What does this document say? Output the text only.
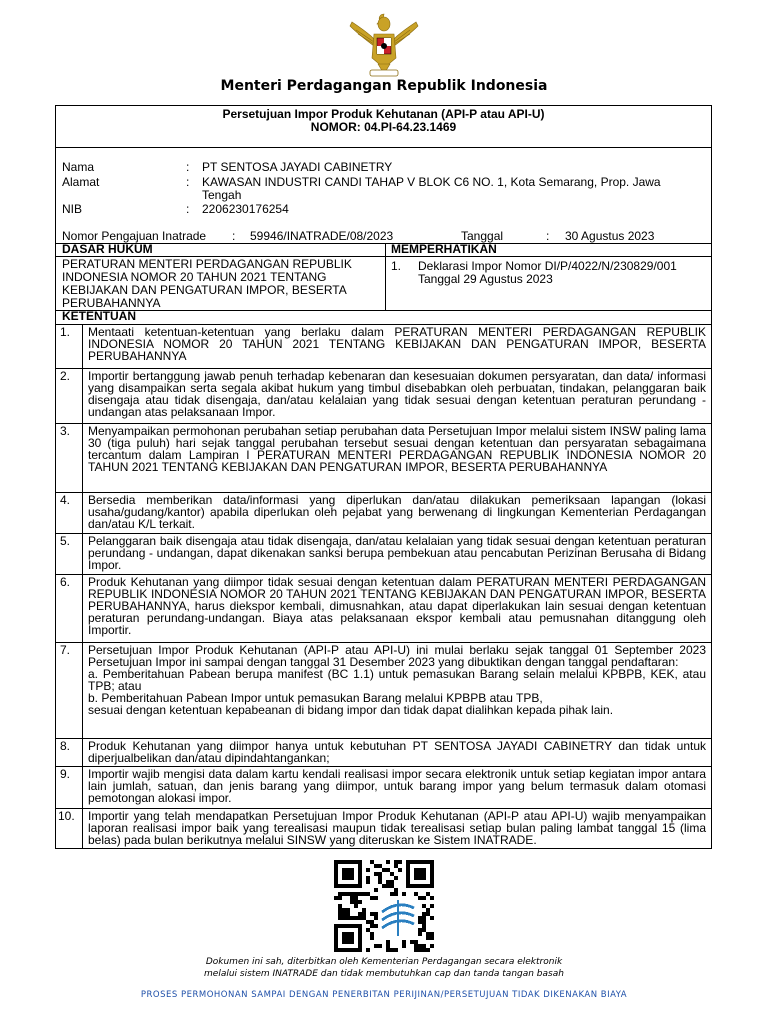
Menteri Perdagangan Republik Indonesia
Persetujuan Impor Produk Kehutanan (API-P atau API-U)
NOMOR: 04.PI-64.23.1469
Nama	: PT SENTOSA JAYADI CABINETRY
Alamat	: KAWASAN INDUSTRI CANDI TAHAP V BLOK C6 NO. 1, Kota Semarang, Prop. Jawa Tengah
NIB	: 2206230176254
Nomor Pengajuan Inatrade : 59946/INATRADE/08/2023	Tanggal	:	30 Agustus 2023
DASAR HUKUM	MEMPERHATIKAN
PERATURAN MENTERI PERDAGANGAN REPUBLIK INDONESIA NOMOR 20 TAHUN 2021 TENTANG KEBIJAKAN DAN PENGATURAN IMPOR, BESERTA PERUBAHANNYA
1. Deklarasi Impor Nomor DI/P/4022/N/230829/001 Tanggal 29 Agustus 2023
KETENTUAN
1. Mentaati ketentuan-ketentuan yang berlaku dalam PERATURAN MENTERI PERDAGANGAN REPUBLIK INDONESIA NOMOR 20 TAHUN 2021 TENTANG KEBIJAKAN DAN PENGATURAN IMPOR, BESERTA PERUBAHANNYA
2. Importir bertanggung jawab penuh terhadap kebenaran dan kesesuaian dokumen persyaratan, dan data/ informasi yang disampaikan serta segala akibat hukum yang timbul disebabkan oleh perbuatan, tindakan, pelanggaran baik disengaja atau tidak disengaja, dan/atau kelalaian yang tidak sesuai dengan ketentuan peraturan perundang - undangan atas pelaksanaan Impor.
3. Menyampaikan permohonan perubahan setiap perubahan data Persetujuan Impor melalui sistem INSW paling lama 30 (tiga puluh) hari sejak tanggal perubahan tersebut sesuai dengan ketentuan dan persyaratan sebagaimana tercantum dalam Lampiran I PERATURAN MENTERI PERDAGANGAN REPUBLIK INDONESIA NOMOR 20 TAHUN 2021 TENTANG KEBIJAKAN DAN PENGATURAN IMPOR, BESERTA PERUBAHANNYA
4. Bersedia memberikan data/informasi yang diperlukan dan/atau dilakukan pemeriksaan lapangan (lokasi usaha/gudang/kantor) apabila diperlukan oleh pejabat yang berwenang di lingkungan Kementerian Perdagangan dan/atau K/L terkait.
5. Pelanggaran baik disengaja atau tidak disengaja, dan/atau kelalaian yang tidak sesuai dengan ketentuan peraturan perundang - undangan, dapat dikenakan sanksi berupa pembekuan atau pencabutan Perizinan Berusaha di Bidang Impor.
6. Produk Kehutanan yang diimpor tidak sesuai dengan ketentuan dalam PERATURAN MENTERI PERDAGANGAN REPUBLIK INDONESIA NOMOR 20 TAHUN 2021 TENTANG KEBIJAKAN DAN PENGATURAN IMPOR, BESERTA PERUBAHANNYA, harus diekspor kembali, dimusnahkan, atau dapat diperlakukan lain sesuai dengan ketentuan peraturan perundang-undangan. Biaya atas pelaksanaan ekspor kembali atau pemusnahan ditanggung oleh Importir.
7. Persetujuan Impor Produk Kehutanan (API-P atau API-U) ini mulai berlaku sejak tanggal 01 September 2023 Persetujuan Impor ini sampai dengan tanggal 31 Desember 2023 yang dibuktikan dengan tanggal pendaftaran:
a. Pemberitahuan Pabean berupa manifest (BC 1.1) untuk pemasukan Barang selain melalui KPBPB, KEK, atau TPB; atau
b. Pemberitahuan Pabean Impor untuk pemasukan Barang melalui KPBPB atau TPB,
sesuai dengan ketentuan kepabeanan di bidang impor dan tidak dapat dialihkan kepada pihak lain.
8. Produk Kehutanan yang diimpor hanya untuk kebutuhan PT SENTOSA JAYADI CABINETRY dan tidak untuk diperjualbelikan dan/atau dipindahtangankan;
9. Importir wajib mengisi data dalam kartu kendali realisasi impor secara elektronik untuk setiap kegiatan impor antara lain jumlah, satuan, dan jenis barang yang diimpor, untuk barang impor yang belum termasuk dalam otomasi pemotongan alokasi impor.
10. Importir yang telah mendapatkan Persetujuan Impor Produk Kehutanan (API-P atau API-U) wajib menyampaikan laporan realisasi impor baik yang terealisasi maupun tidak terealisasi setiap bulan paling lambat tanggal 15 (lima belas) pada bulan berikutnya melalui SINSW yang diteruskan ke Sistem INATRADE.
Dokumen ini sah, diterbitkan oleh Kementerian Perdagangan secara elektronik
melalui sistem INATRADE dan tidak membutuhkan cap dan tanda tangan basah
PROSES PERMOHONAN SAMPAI DENGAN PENERBITAN PERIJINAN/PERSETUJUAN TIDAK DIKENAKAN BIAYA
